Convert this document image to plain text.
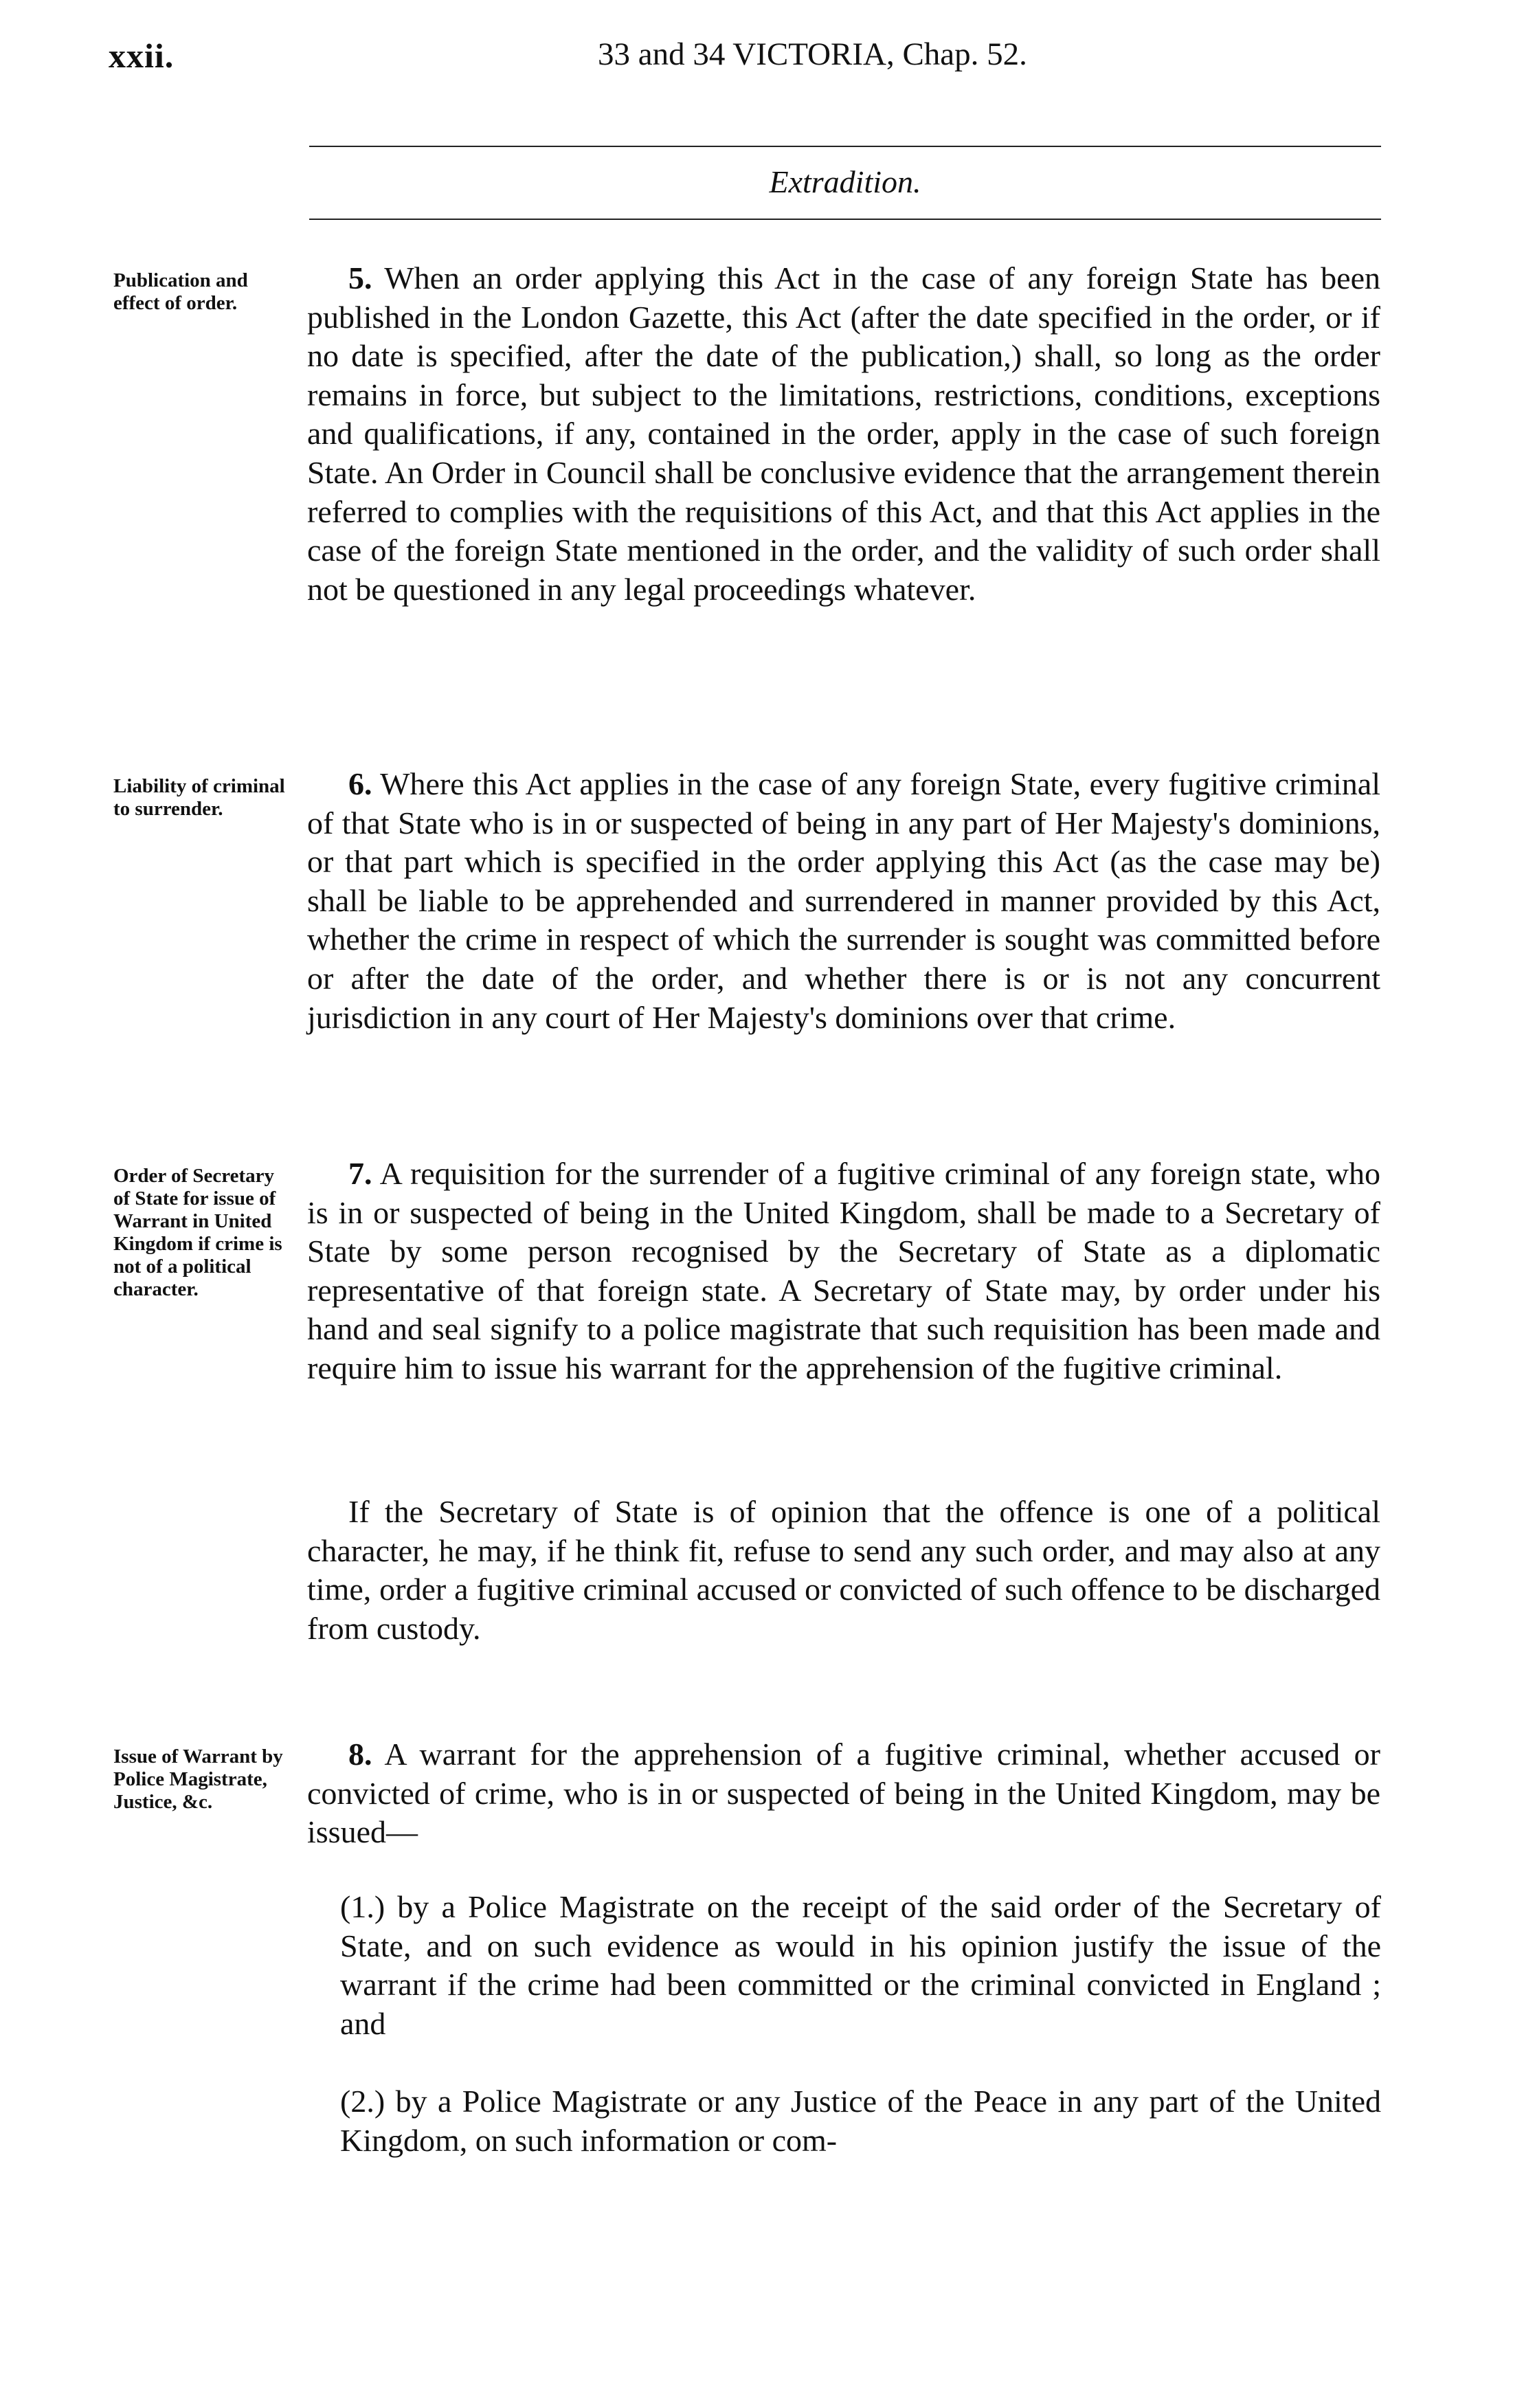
xxii.	33 and 34 VICTORIA, Chap. 52.
Extradition.
Publication and effect of order.
5. When an order applying this Act in the case of any foreign State has been published in the London Gazette, this Act (after the date specified in the order, or if no date is specified, after the date of the publication,) shall, so long as the order remains in force, but subject to the limitations, restrictions, conditions, exceptions and qualifications, if any, contained in the order, apply in the case of such foreign State. An Order in Council shall be conclusive evidence that the arrangement therein referred to complies with the requisitions of this Act, and that this Act applies in the case of the foreign State mentioned in the order, and the validity of such order shall not be questioned in any legal proceedings whatever.
Liability of criminal to surrender.
6. Where this Act applies in the case of any foreign State, every fugitive criminal of that State who is in or suspected of being in any part of Her Majesty's dominions, or that part which is specified in the order applying this Act (as the case may be) shall be liable to be apprehended and surrendered in manner provided by this Act, whether the crime in respect of which the surrender is sought was committed before or after the date of the order, and whether there is or is not any concurrent jurisdiction in any court of Her Majesty's dominions over that crime.
Order of Secretary of State for issue of Warrant in United Kingdom if crime is not of a political character.
7. A requisition for the surrender of a fugitive criminal of any foreign state, who is in or suspected of being in the United Kingdom, shall be made to a Secretary of State by some person recognised by the Secretary of State as a diplomatic representative of that foreign state. A Secretary of State may, by order under his hand and seal signify to a police magistrate that such requisition has been made and require him to issue his warrant for the apprehension of the fugitive criminal.
If the Secretary of State is of opinion that the offence is one of a political character, he may, if he think fit, refuse to send any such order, and may also at any time, order a fugitive criminal accused or convicted of such offence to be discharged from custody.
Issue of Warrant by Police Magistrate, Justice, &c.
8. A warrant for the apprehension of a fugitive criminal, whether accused or convicted of crime, who is in or suspected of being in the United Kingdom, may be issued—
(1.) by a Police Magistrate on the receipt of the said order of the Secretary of State, and on such evidence as would in his opinion justify the issue of the warrant if the crime had been committed or the criminal convicted in England ; and
(2.) by a Police Magistrate or any Justice of the Peace in any part of the United Kingdom, on such information or com-
